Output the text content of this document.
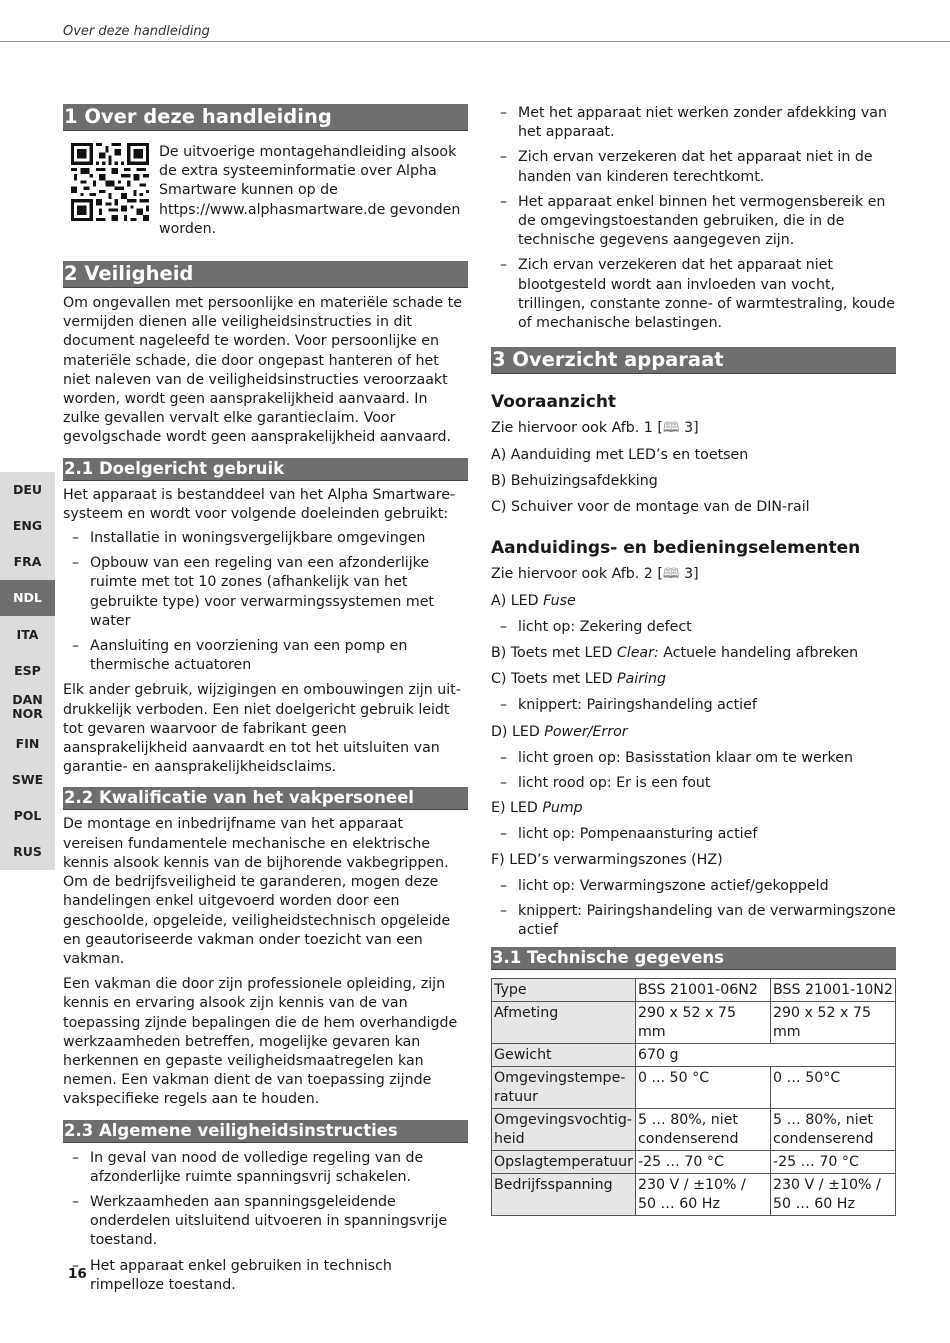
Over deze handleiding
DEU
ENG
FRA
NDL
ITA
ESP
DAN
NOR
FIN
SWE
POL
RUS
1 Over deze handleiding
De uitvoerige montagehandleiding alsook de extra systeeminformatie over Alpha Smartware kunnen op de https://www.alphasmartware.de gevonden worden.
2 Veiligheid

Om ongevallen met persoonlijke en materiële schade te vermijden dienen alle veiligheidsinstructies in dit document nageleefd te worden. Voor persoonlijke en materiële schade, die door ongepast hanteren of het niet naleven van de veiligheidsinstructies veroorzaakt worden, wordt geen aansprakelijkheid aanvaard. In zulke gevallen vervalt elke garantieclaim. Voor gevolgschade wordt geen aansprakelijkheid aanvaard.

2.1 Doelgericht gebruik

Het apparaat is bestanddeel van het Alpha Smartware-systeem en wordt voor volgende doeleinden gebruikt:

– Installatie in woningsvergelijkbare omgevingen
– Opbouw van een regeling van een afzonderlijke ruimte met tot 10 zones (afhankelijk van het gebruikte type) voor verwarmingssystemen met water
– Aansluiting en voorziening van een pomp en thermische actuatoren

Elk ander gebruik, wijzigingen en ombouwingen zijn uitdrukkelijk verboden. Een niet doelgericht gebruik leidt tot gevaren waarvoor de fabrikant geen aansprakelijkheid aanvaardt en tot het uitsluiten van garantie- en aansprakelijkheidsclaims.

2.2 Kwalificatie van het vakpersoneel

De montage en inbedrijfname van het apparaat vereisen fundamentele mechanische en elektrische kennis alsook kennis van de bijhorende vakbegrippen. Om de bedrijfsveiligheid te garanderen, mogen deze handelingen enkel uitgevoerd worden door een geschoolde, opgeleide, veiligheidstechnisch opgeleide en geautoriseerde vakman onder toezicht van een vakman.

Een vakman die door zijn professionele opleiding, zijn kennis en ervaring alsook zijn kennis van de van toepassing zijnde bepalingen die de hem overhandigde werkzaamheden betreffen, mogelijke gevaren kan herkennen en gepaste veiligheidsmaatregelen kan nemen. Een vakman dient de van toepassing zijnde vakspecifieke regels aan te houden.

2.3 Algemene veiligheidsinstructies
– In geval van nood de volledige regeling van de afzonderlijke ruimte spanningsvrij schakelen.
– Werkzaamheden aan spanningsgeleidende onderdelen uitsluitend uitvoeren in spanningsvrije toestand.
– Het apparaat enkel gebruiken in technisch rimpelloze toestand.
– Met het apparaat niet werken zonder afdekking van het apparaat.
– Zich ervan verzekeren dat het apparaat niet in de handen van kinderen terechtkomt.
– Het apparaat enkel binnen het vermogensbereik en de omgevingstoestanden gebruiken, die in de technische gegevens aangegeven zijn.
– Zich ervan verzekeren dat het apparaat niet blootgesteld wordt aan invloeden van vocht, trillingen, constante zonne- of warmtestraling, koude of mechanische belastingen.
3 Overzicht apparaat
Vooraanzicht

Zie hiervoor ook Afb. 1 [🕮 3]

A) Aanduiding met LED’s en toetsen

B) Behuizingsafdekking

C) Schuiver voor de montage van de DIN-rail

Aanduidings- en bedieningselementen

Zie hiervoor ook Afb. 2 [🕮 3]

A) LED Fuse

– licht op: Zekering defect

B) Toets met LED Clear: Actuele handeling afbreken

C) Toets met LED Pairing

– knippert: Pairingshandeling actief

D) LED Power/Error

– licht groen op: Basisstation klaar om te werken
– licht rood op: Er is een fout

E) LED Pump

– licht op: Pompenaansturing actief

F) LED’s verwarmingszones (HZ)

– licht op: Verwarmingszone actief/gekoppeld
– knippert: Pairingshandeling van de verwarmingszone actief
3.1 Technische gegevens
Type	BSS 21001-06N2	BSS 21001-10N2
Afmeting	290 x 52 x 75 mm	290 x 52 x 75 mm
Gewicht	670 g	
Omgevingstemperatuur	0 ... 50 °C	0 … 50°C
Omgevingsvochtigheid	5 … 80%, niet condenserend	5 … 80%, niet condenserend
Opslagtemperatuur	-25 … 70 °C	-25 … 70 °C
Bedrijfsspanning	230 V / ±10% / 50 … 60 Hz	230 V / ±10% / 50 … 60 Hz
16
